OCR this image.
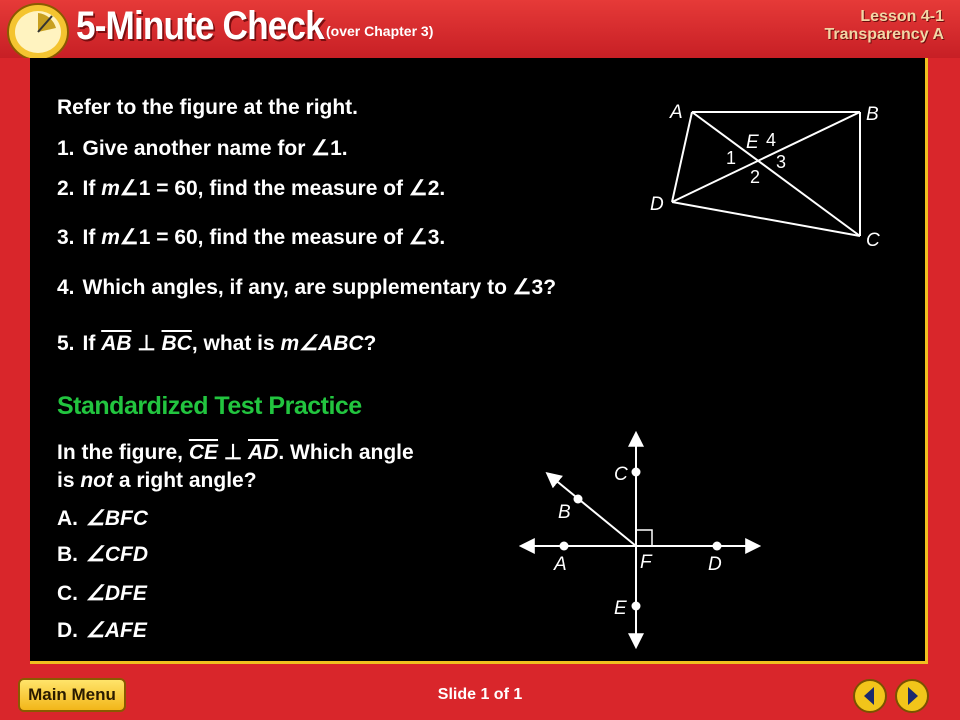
5-Minute Check (over Chapter 3)
Lesson 4-1
Transparency A
Refer to the figure at the right.
1. Give another name for ∠1.
2. If m∠1 = 60, find the measure of ∠2.
3. If m∠1 = 60, find the measure of ∠3.
4. Which angles, if any, are supplementary to ∠3?
5. If $\overline{AB}$ ⊥ $\overline{BC}$, what is m∠ABC?
A	B
C
D
E 4
1 3
2
Standardized Test Practice
In the figure, $\overline{CE}$ ⊥ $\overline{AD}$. Which angle
is not a right angle?
A. ∠BFC
B. ∠CFD
C. ∠DFE
D. ∠AFE
C
B
A	F	D
E
Main Menu	Slide 1 of 1
